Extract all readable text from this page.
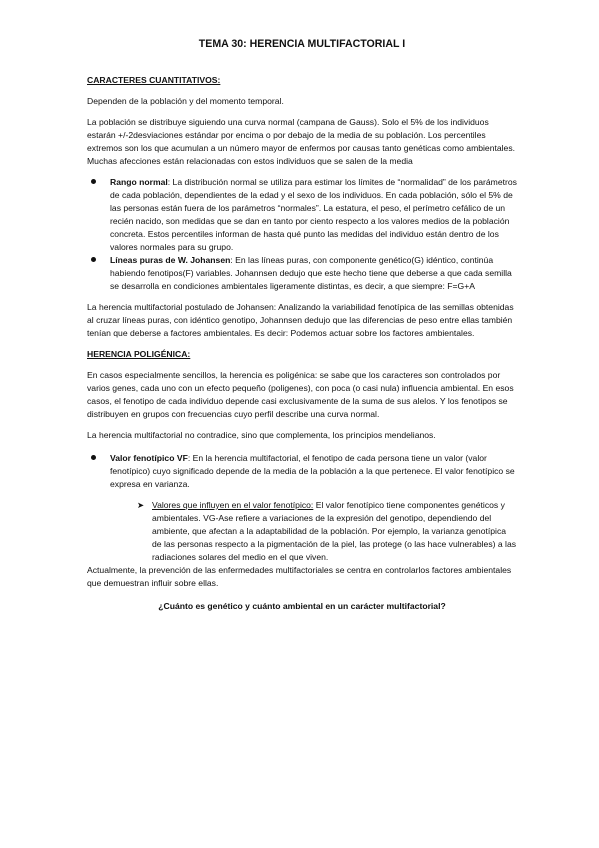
TEMA 30: HERENCIA MULTIFACTORIAL I
CARACTERES CUANTITATIVOS:

Dependen de la población y del momento temporal.

La población se distribuye siguiendo una curva normal (campana de Gauss). Solo el 5% de los individuos estarán +/-2desviaciones estándar por encima o por debajo de la media de su población. Los percentiles extremos son los que acumulan a un número mayor de enfermos por causas tanto genéticas como ambientales. Muchas afecciones están relacionadas con estos individuos que se salen de la media

Rango normal: La distribución normal se utiliza para estimar los límites de “normalidad” de los parámetros de cada población, dependientes de la edad y el sexo de los individuos. En cada población, sólo el 5% de las personas están fuera de los parámetros “normales”. La estatura, el peso, el perímetro cefálico de un recién nacido, son medidas que se dan en tanto por ciento respecto a los valores medios de la población concreta. Estos percentiles informan de hasta qué punto las medidas del individuo están dentro de los valores normales para su grupo.
Líneas puras de W. Johansen: En las líneas puras, con componente genético(G) idéntico, continúa habiendo fenotipos(F) variables. Johannsen dedujo que este hecho tiene que deberse a que cada semilla se desarrolla en condiciones ambientales ligeramente distintas, es decir, a que siempre: F=G+A

La herencia multifactorial postulado de Johansen: Analizando la variabilidad fenotípica de las semillas obtenidas al cruzar líneas puras, con idéntico genotipo, Johannsen dedujo que las diferencias de peso entre ellas también tenían que deberse a factores ambientales. Es decir: Podemos actuar sobre los factores ambientales.

HERENCIA POLIGÉNICA:

En casos especialmente sencillos, la herencia es poligénica: se sabe que los caracteres son controlados por varios genes, cada uno con un efecto pequeño (poligenes), con poca (o casi nula) influencia ambiental. En esos casos, el fenotipo de cada individuo depende casi exclusivamente de la suma de sus alelos. Y los fenotipos se distribuyen en grupos con frecuencias cuyo perfil describe una curva normal.

La herencia multifactorial no contradice, sino que complementa, los principios mendelianos.

Valor fenotípico VF: En la herencia multifactorial, el fenotipo de cada persona tiene un valor (valor fenotípico) cuyo significado depende de la media de la población a la que pertenece. El valor fenotípico se expresa en varianza.
➤ Valores que influyen en el valor fenotípico: El valor fenotípico tiene componentes genéticos y ambientales. VG-Ase refiere a variaciones de la expresión del genotipo, dependiendo del ambiente, que afectan a la adaptabilidad de la población. Por ejemplo, la varianza genotípica de las personas respecto a la pigmentación de la piel, las protege (o las hace vulnerables) a las radiaciones solares del medio en el que viven.

Actualmente, la prevención de las enfermedades multifactoriales se centra en controlarlos factores ambientales que demuestran influir sobre ellas.

¿Cuánto es genético y cuánto ambiental en un carácter multifactorial?
